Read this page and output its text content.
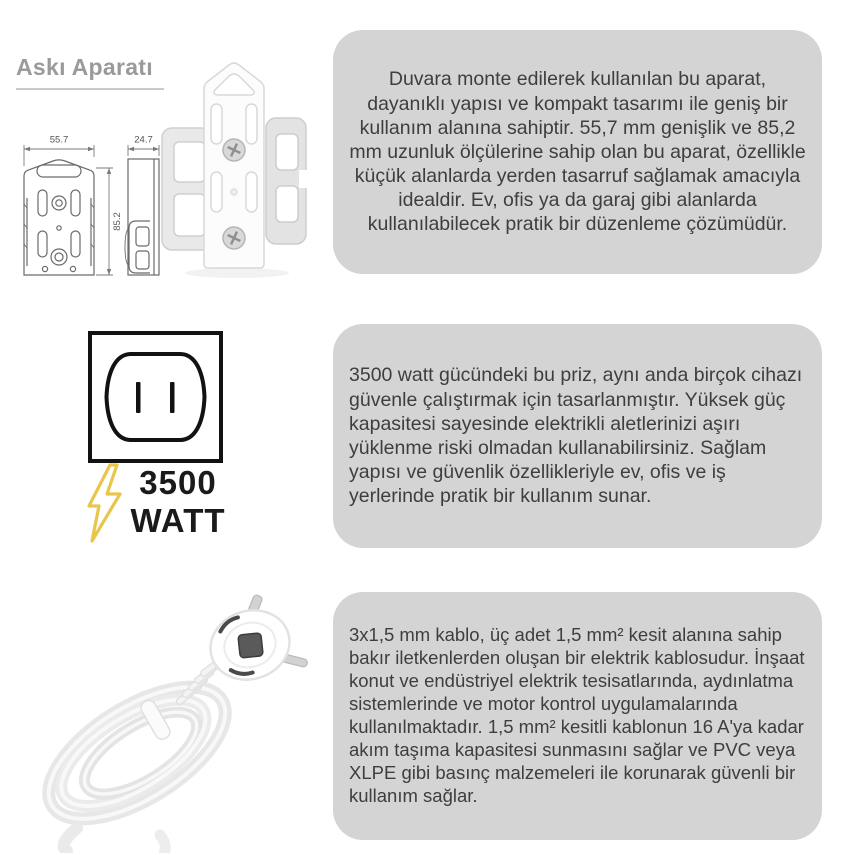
Askı Aparatı
55.7	24.7
85.2

Duvara monte edilerek kullanılan bu aparat, dayanıklı yapısı ve kompakt tasarımı ile geniş bir kullanım alanına sahiptir. 55,7 mm genişlik ve 85,2 mm uzunluk ölçülerine sahip olan bu aparat, özellikle küçük alanlarda yerden tasarruf sağlamak amacıyla idealdir. Ev, ofis ya da garaj gibi alanlarda kullanılabilecek pratik bir düzenleme çözümüdür.

3500
WATT

3500 watt gücündeki bu priz, aynı anda birçok cihazı güvenle çalıştırmak için tasarlanmıştır. Yüksek güç kapasitesi sayesinde elektrikli aletlerinizi aşırı yüklenme riski olmadan kullanabilirsiniz. Sağlam yapısı ve güvenlik özellikleriyle ev, ofis ve iş yerlerinde pratik bir kullanım sunar.

3x1,5 mm kablo, üç adet 1,5 mm² kesit alanına sahip bakır iletkenlerden oluşan bir elektrik kablosudur. İnşaat konut ve endüstriyel elektrik tesisatlarında, aydınlatma sistemlerinde ve motor kontrol uygulamalarında kullanılmaktadır. 1,5 mm² kesitli kablonun 16 A'ya kadar akım taşıma kapasitesi sunmasını sağlar ve PVC veya XLPE gibi basınç malzemeleri ile korunarak güvenli bir kullanım sağlar.
